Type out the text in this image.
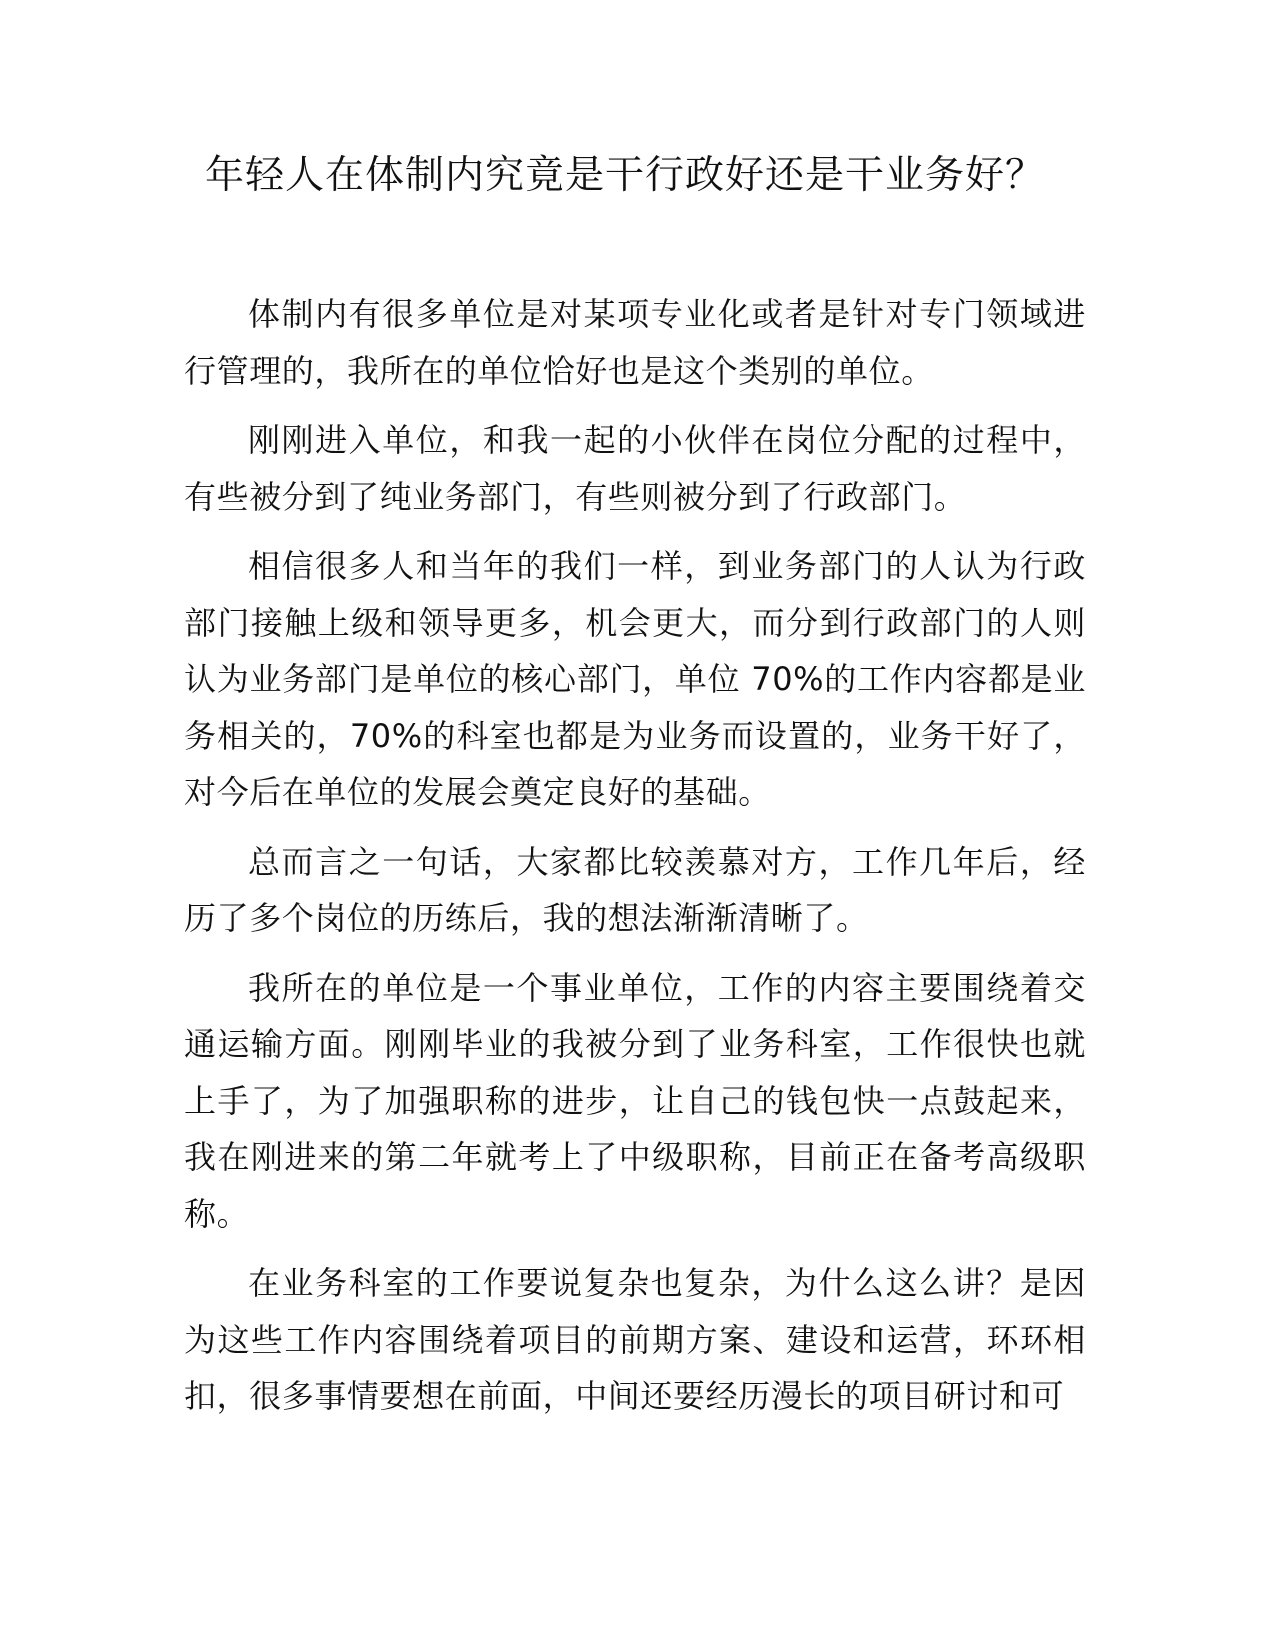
年轻人在体制内究竟是干行政好还是干业务好？

体制内有很多单位是对某项专业化或者是针对专门领域进行管理的，我所在的单位恰好也是这个类别的单位。

刚刚进入单位，和我一起的小伙伴在岗位分配的过程中，有些被分到了纯业务部门，有些则被分到了行政部门。

相信很多人和当年的我们一样，到业务部门的人认为行政部门接触上级和领导更多，机会更大，而分到行政部门的人则认为业务部门是单位的核心部门，单位 70%的工作内容都是业务相关的，70%的科室也都是为业务而设置的，业务干好了，对今后在单位的发展会奠定良好的基础。

总而言之一句话，大家都比较羡慕对方，工作几年后，经历了多个岗位的历练后，我的想法渐渐清晰了。

我所在的单位是一个事业单位，工作的内容主要围绕着交通运输方面。刚刚毕业的我被分到了业务科室，工作很快也就上手了，为了加强职称的进步，让自己的钱包快一点鼓起来，我在刚进来的第二年就考上了中级职称，目前正在备考高级职称。

在业务科室的工作要说复杂也复杂，为什么这么讲？是因为这些工作内容围绕着项目的前期方案、建设和运营，环环相扣，很多事情要想在前面，中间还要经历漫长的项目研讨和可
